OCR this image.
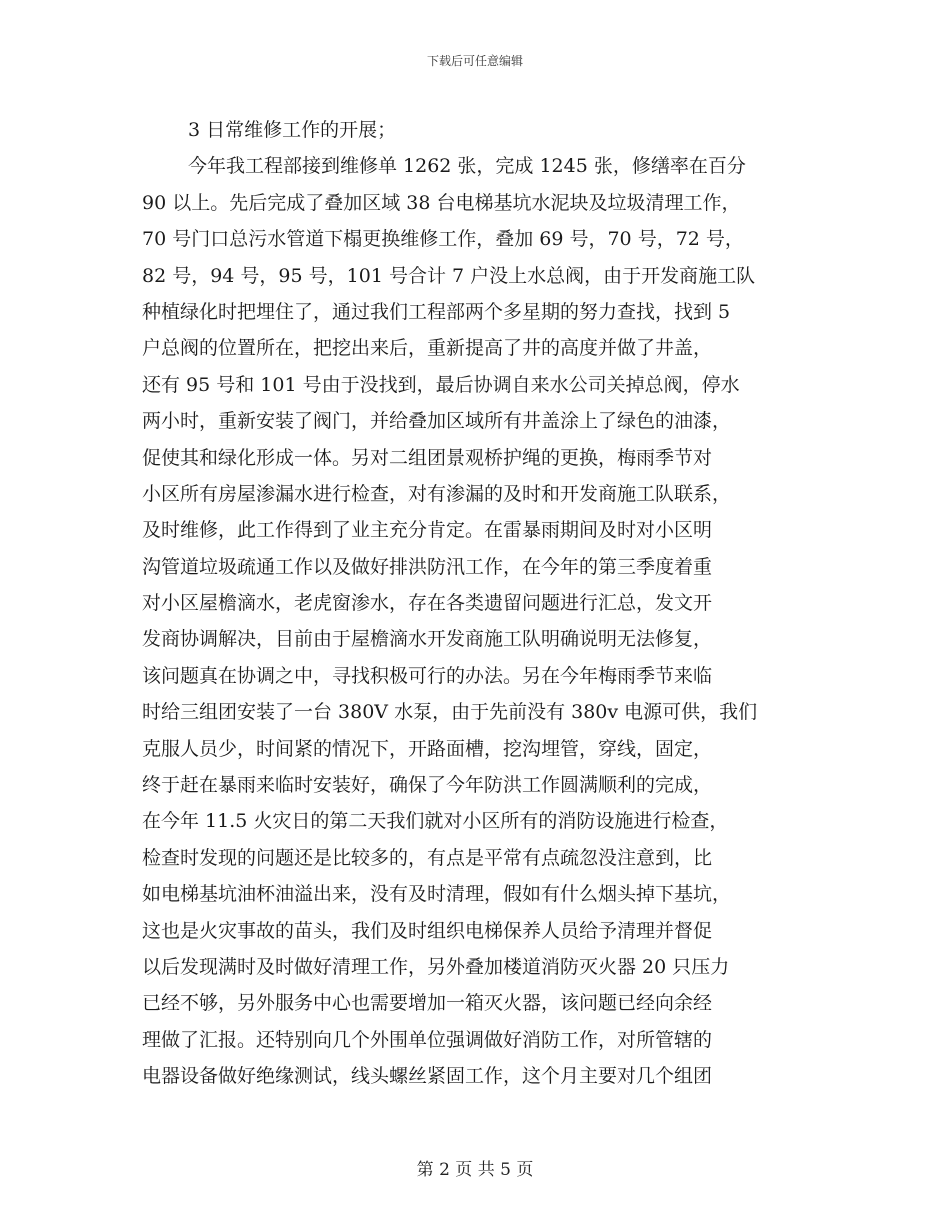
下载后可任意编辑
3 日常维修工作的开展；
今年我工程部接到维修单 1262 张，完成 1245 张，修缮率在百分
90 以上。先后完成了叠加区域 38 台电梯基坑水泥块及垃圾清理工作，
70 号门口总污水管道下榻更换维修工作，叠加 69 号，70 号，72 号，
82 号，94 号，95 号，101 号合计 7 户没上水总阀，由于开发商施工队
种植绿化时把埋住了，通过我们工程部两个多星期的努力查找，找到 5
户总阀的位置所在，把挖出来后，重新提高了井的高度并做了井盖，
还有 95 号和 101 号由于没找到，最后协调自来水公司关掉总阀，停水
两小时，重新安装了阀门，并给叠加区域所有井盖涂上了绿色的油漆，
促使其和绿化形成一体。另对二组团景观桥护绳的更换，梅雨季节对
小区所有房屋渗漏水进行检查，对有渗漏的及时和开发商施工队联系，
及时维修，此工作得到了业主充分肯定。在雷暴雨期间及时对小区明
沟管道垃圾疏通工作以及做好排洪防汛工作，在今年的第三季度着重
对小区屋檐滴水，老虎窗渗水，存在各类遗留问题进行汇总，发文开
发商协调解决，目前由于屋檐滴水开发商施工队明确说明无法修复，
该问题真在协调之中，寻找积极可行的办法。另在今年梅雨季节来临
时给三组团安装了一台 380V 水泵，由于先前没有 380v 电源可供，我们
克服人员少，时间紧的情况下，开路面槽，挖沟埋管，穿线，固定，
终于赶在暴雨来临时安装好，确保了今年防洪工作圆满顺利的完成，
在今年 11.5 火灾日的第二天我们就对小区所有的消防设施进行检查，
检查时发现的问题还是比较多的，有点是平常有点疏忽没注意到，比
如电梯基坑油杯油溢出来，没有及时清理，假如有什么烟头掉下基坑，
这也是火灾事故的苗头，我们及时组织电梯保养人员给予清理并督促
以后发现满时及时做好清理工作，另外叠加楼道消防灭火器 20 只压力
已经不够，另外服务中心也需要增加一箱灭火器，该问题已经向余经
理做了汇报。还特别向几个外围单位强调做好消防工作，对所管辖的
电器设备做好绝缘测试，线头螺丝紧固工作，这个月主要对几个组团
第 2 页 共 5 页
